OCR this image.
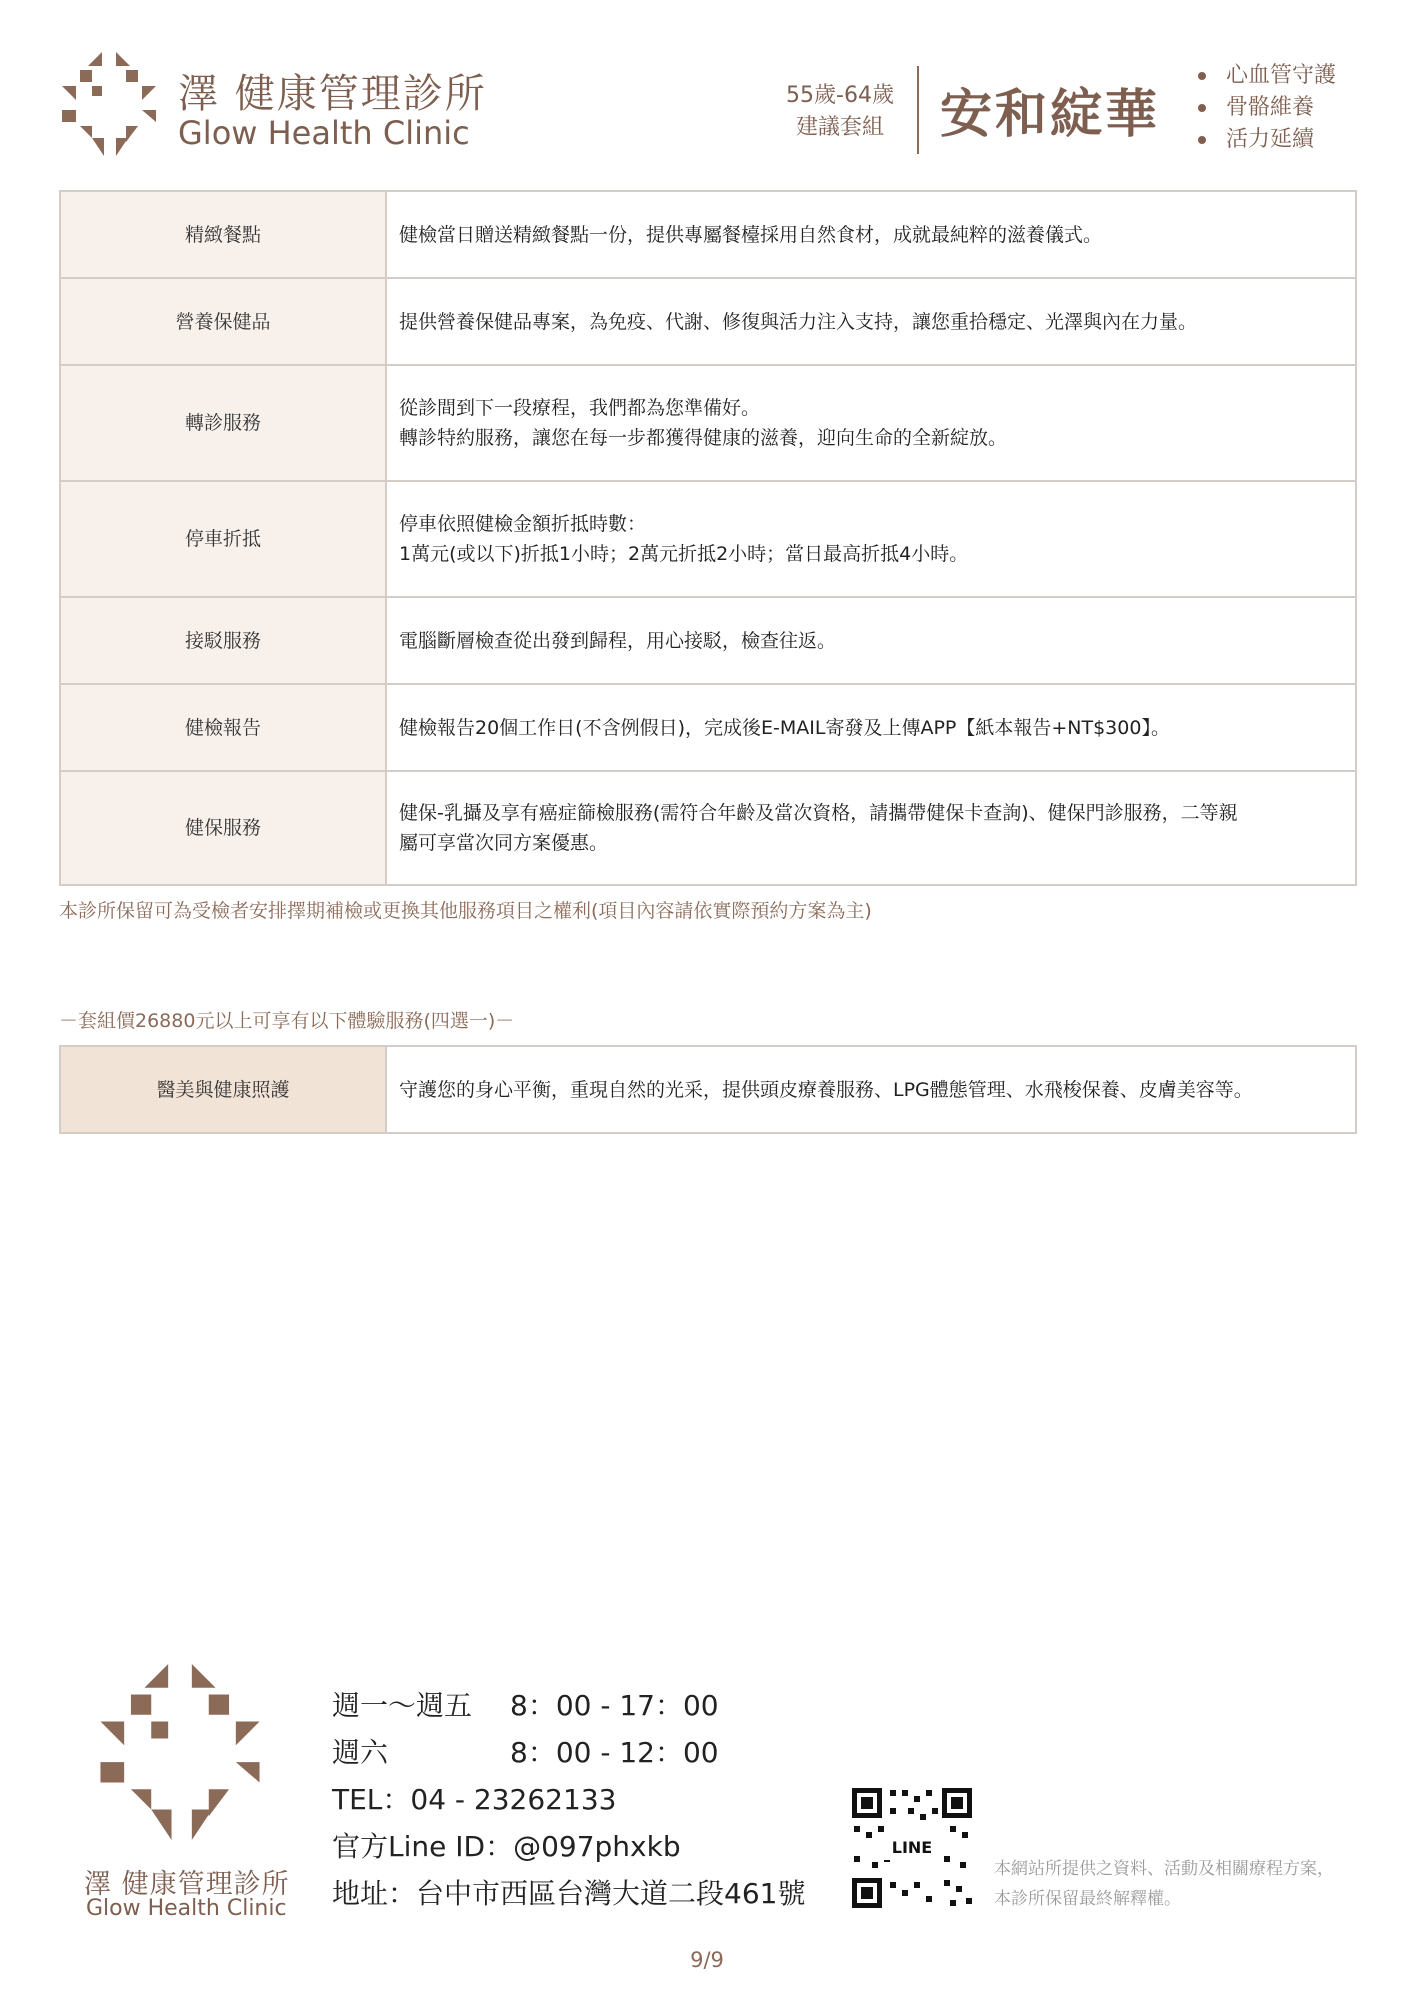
澤 健康管理診所
Glow Health Clinic
55歲-64歲
建議套組	安和綻華
心血管守護
骨骼維養
活力延續
精緻餐點	健檢當日贈送精緻餐點一份，提供專屬餐檯採用自然食材，成就最純粹的滋養儀式。

營養保健品	提供營養保健品專案，為免疫、代謝、修復與活力注入支持，讓您重拾穩定、光澤與內在力量。

轉診服務	從診間到下一段療程，我們都為您準備好。
轉診特約服務，讓您在每一步都獲得健康的滋養，迎向生命的全新綻放。

停車折抵	停車依照健檢金額折抵時數：
1萬元(或以下)折抵1小時；2萬元折抵2小時；當日最高折抵4小時。

接駁服務	電腦斷層檢查從出發到歸程，用心接駁，檢查往返。

健檢報告	健檢報告20個工作日(不含例假日)，完成後E-MAIL寄發及上傳APP【紙本報告+NT$300】。

健保服務	健保-乳攝及享有癌症篩檢服務(需符合年齡及當次資格，請攜帶健保卡查詢)、健保門診服務，二等親
屬可享當次同方案優惠。
本診所保留可為受檢者安排擇期補檢或更換其他服務項目之權利(項目內容請依實際預約方案為主)
－套組價26880元以上可享有以下體驗服務(四選一)－
醫美與健康照護	守護您的身心平衡，重現自然的光采，提供頭皮療養服務、LPG體態管理、水飛梭保養、皮膚美容等。
澤 健康管理診所
Glow Health Clinic
週一～週五 8：00 - 17：00
週六	8：00 - 12：00
TEL：04 - 23262133
官方Line ID：@097phxkb
地址：台中市西區台灣大道二段461號
LINE
本網站所提供之資料、活動及相關療程方案，
本診所保留最終解釋權。
9/9
